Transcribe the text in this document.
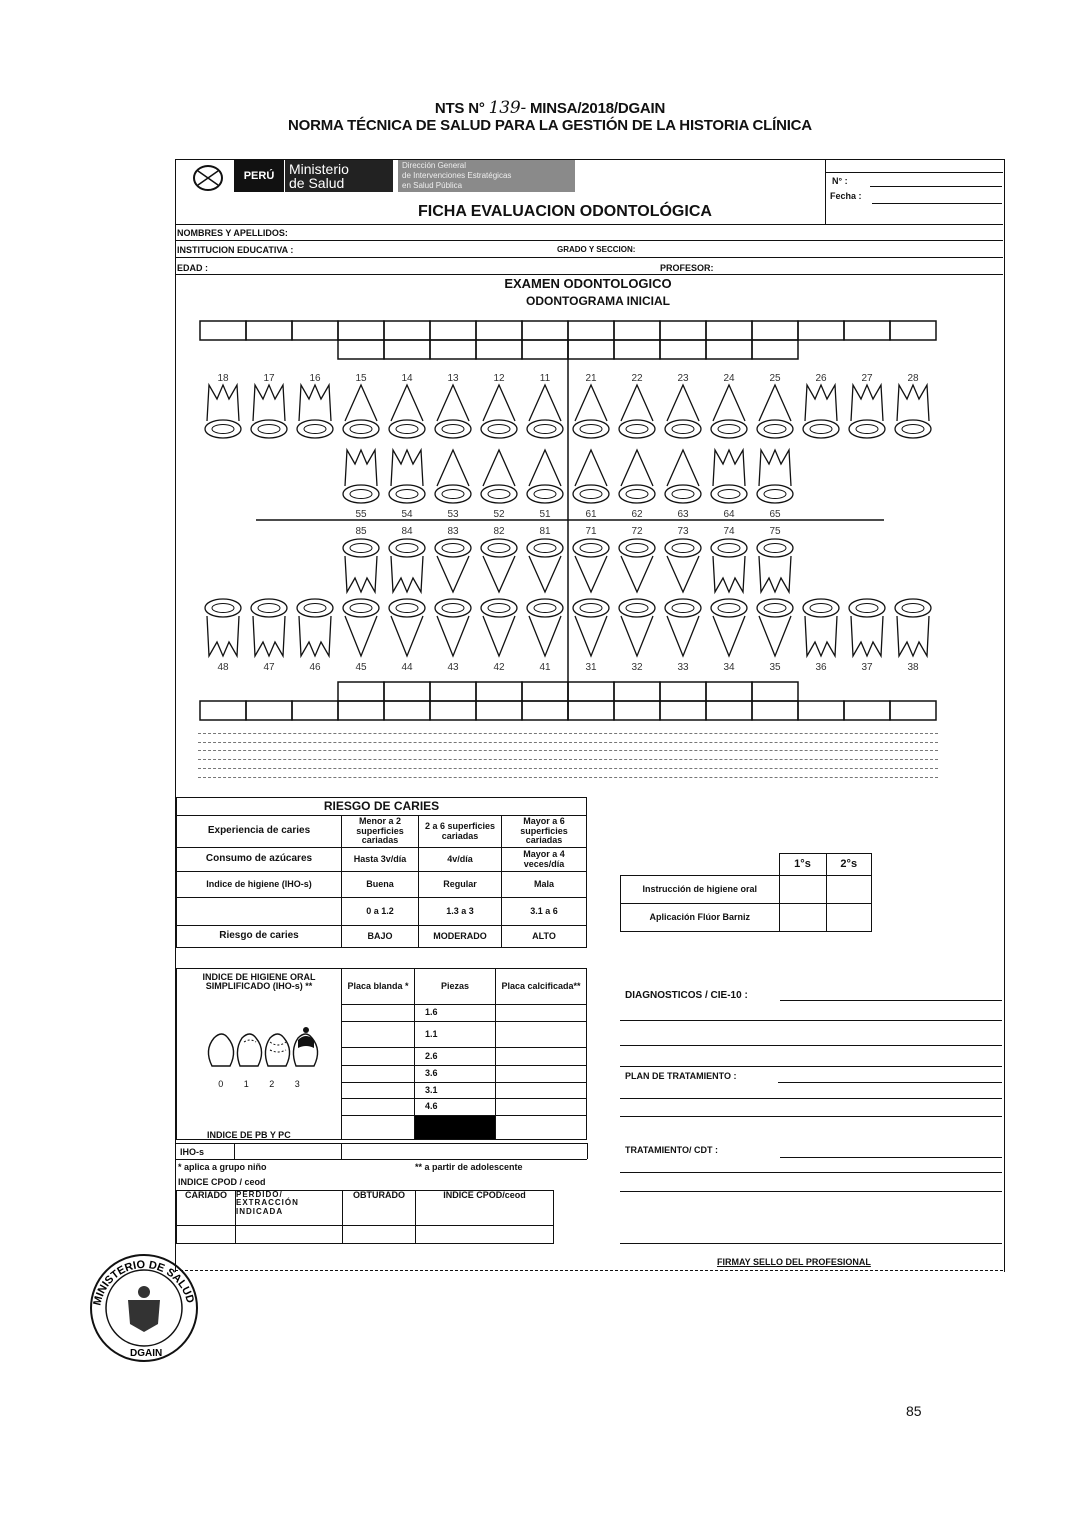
NTS N° 139- MINSA/2018/DGAIN
NORMA TÉCNICA DE SALUD PARA LA GESTIÓN DE LA HISTORIA CLÍNICA
PERÚ	Ministerio
de Salud
Dirección General
de Intervenciones Estratégicas
en Salud Pública	N° :
Fecha :
FICHA EVALUACION ODONTOLÓGICA
NOMBRES Y APELLIDOS:
INSTITUCION EDUCATIVA :	GRADO Y SECCION:
EDAD :	PROFESOR:
EXAMEN ODONTOLOGICO
ODONTOGRAMA INICIAL
18	17	16	15	14	13	12	11	21	22	23	24	25	26	27	28
48	47	46	45	44	43	42	41	31	32	33	34	35	36	37	38
55	54	53	52	51	61	62	63	64	65
85	84	83	82	81	71	72	73	74	75
RIESGO DE CARIES			
Experiencia de caries	Menor a 2 superficies cariadas	2 a 6 superficies cariadas	Mayor a 6 superficies cariadas
Consumo de azúcares	Hasta 3v/día	4v/día	Mayor a 4 veces/día
Indice de higiene (IHO-s)	Buena	Regular	Mala
	0 a 1.2	1.3 a 3	3.1 a 6
Riesgo de caries	BAJO	MODERADO	ALTO
	1°s	2°s
Instrucción de higiene oral		
Aplicación Flúor Barniz		
INDICE DE HIGIENE ORAL
SIMPLIFICADO (IHO-s) **
0 1 2 3	Placa blanda *	Piezas	Placa calcificada**
		1.6	
		1.1	
		2.6	
		3.6	
		3.1	
		4.6	

INDICE DE PB Y PC
IHO-s
* aplica a grupo niño	** a partir de adolescente
INDICE CPOD / ceod
CARIADO	PERDIDO/ EXTRACCIÓN INDICADA	OBTURADO	INDICE CPOD/ceod

DIAGNOSTICOS / CIE-10 :
PLAN DE TRATAMIENTO :
TRATAMIENTO/ CDT :
FIRMAY SELLO DEL PROFESIONAL
MINISTERIO DE SALUD
DGAIN
85
